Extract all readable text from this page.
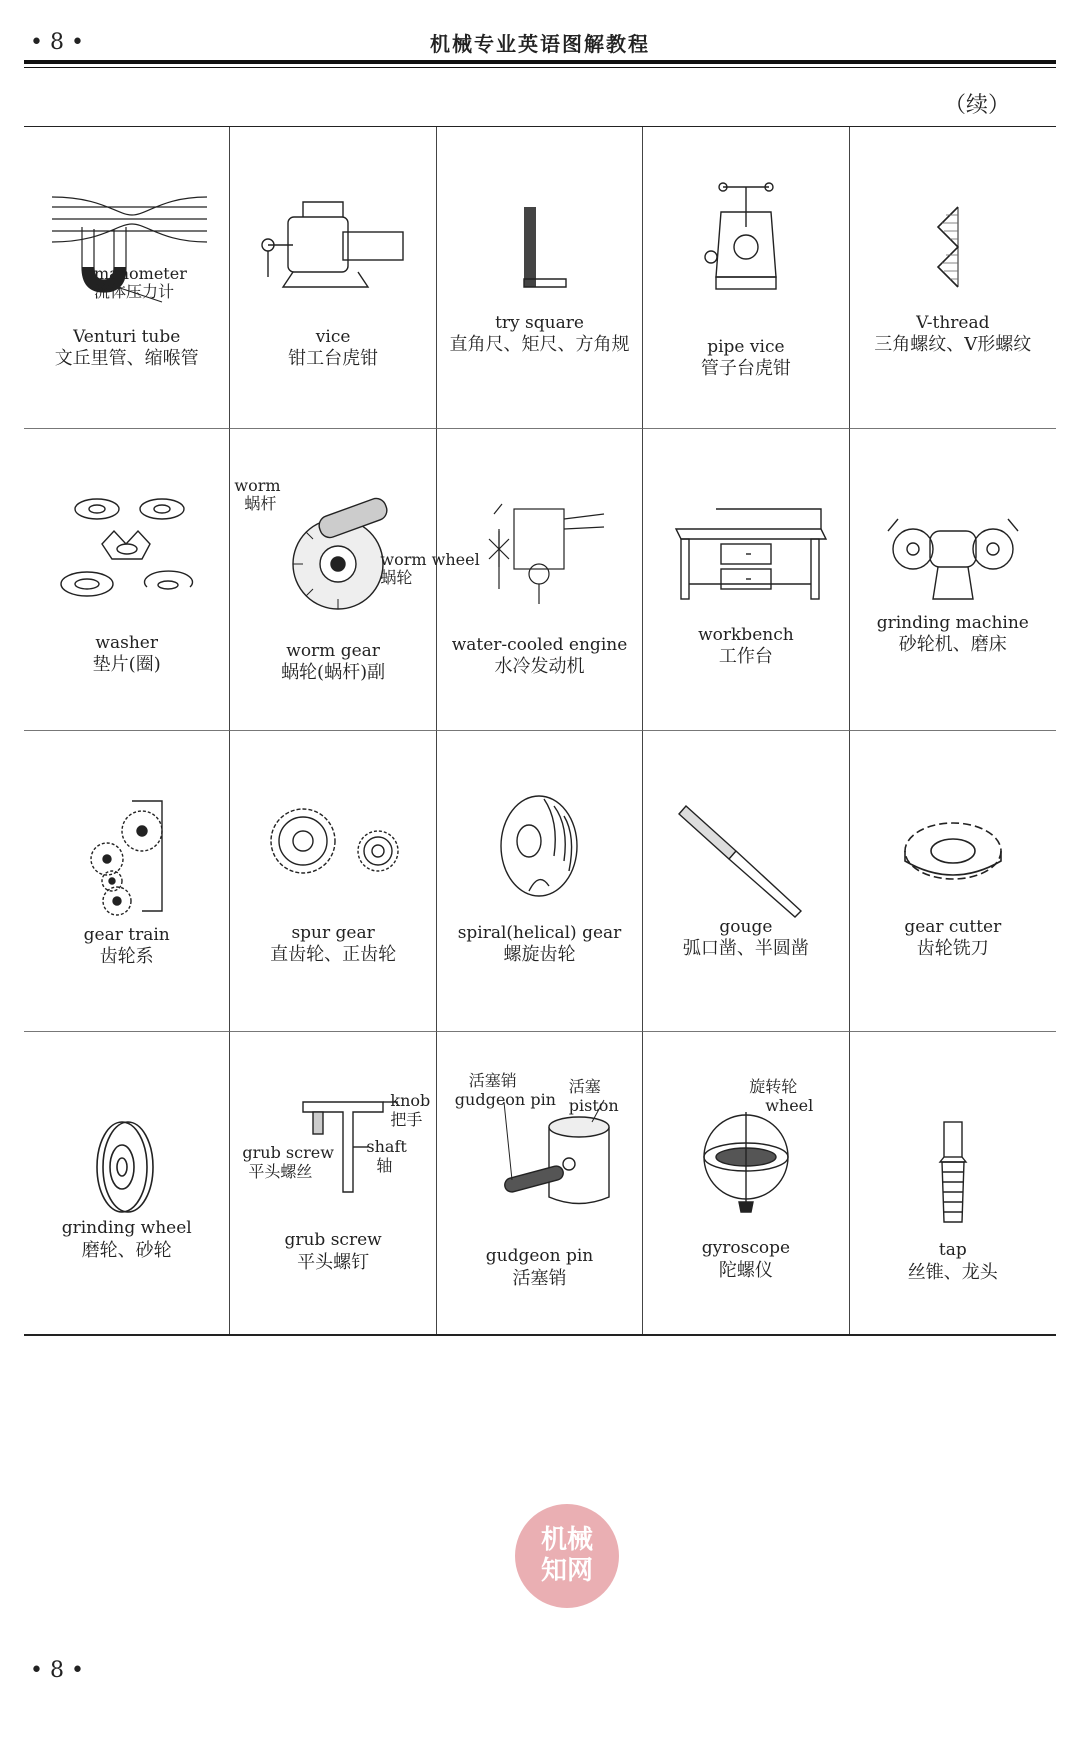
• 8 •	机械专业英语图解教程
（续）
manometer
流体压力计
Venturi tube
文丘里管、缩喉管
vice
钳工台虎钳
try square
直角尺、矩尺、方角规	pipe vice
管子台虎钳
V-thread
三角螺纹、V形螺纹
washer
垫片(圈)
worm
蜗杆
worm wheel
蜗轮
worm gear
蜗轮(蜗杆)副
water-cooled engine
水冷发动机
workbench
工作台
grinding machine
砂轮机、磨床
gear train
齿轮系
spur gear
直齿轮、正齿轮
spiral(helical) gear
螺旋齿轮
gouge
弧口凿、半圆凿
gear cutter
齿轮铣刀
grinding wheel
磨轮、砂轮
knob
把手
shaft
轴
grub screw
平头螺丝
grub screw
平头螺钉
活塞销
gudgeon pin
活塞
piston
gudgeon pin
活塞销
旋转轮
wheel
gyroscope
陀螺仪
tap
丝锥、龙头
机械
知网
• 8 •
